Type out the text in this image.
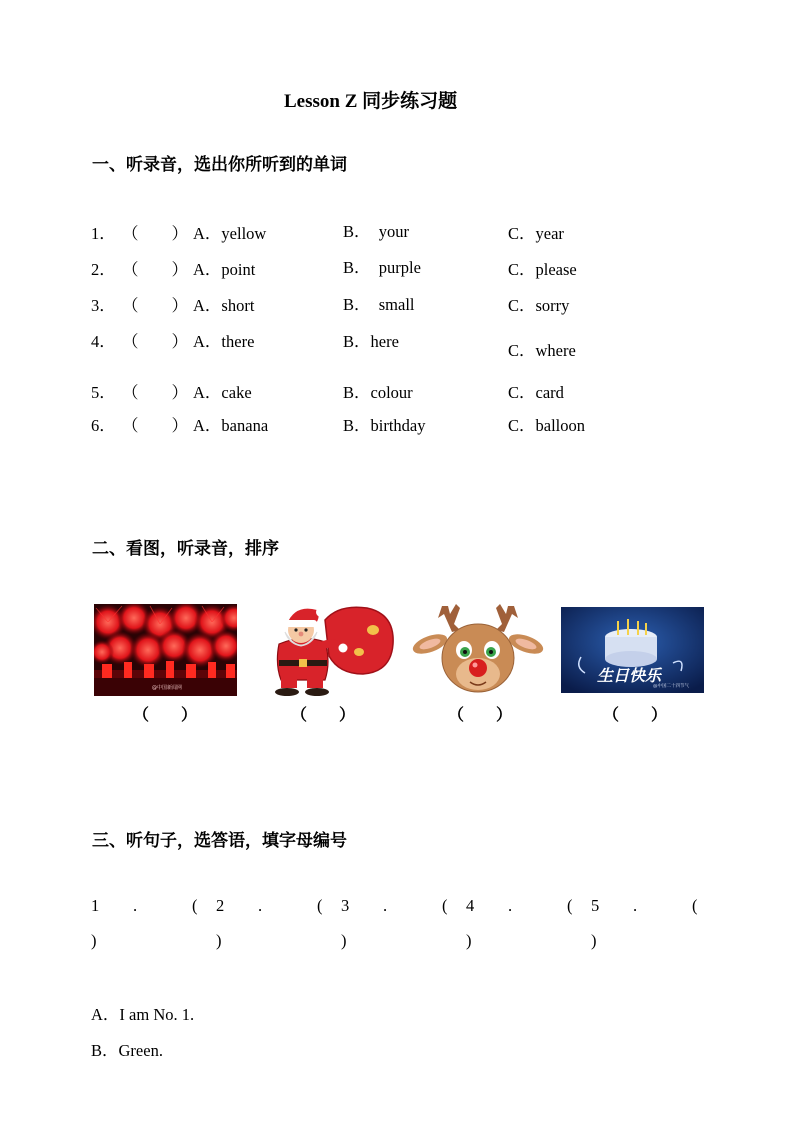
Lesson Z 同步练习题
一、听录音，选出你所听到的单词
1． （　　） A．yellow	B．  your	C．year
2． （　　） A．point	B．  purple	C．please
3． （　　） A．short	B．  small	C．sorry
4． （　　） A．there	B．here	C．where
5． （　　） A．cake	B．colour	C．card
6． （　　） A．banana	B．birthday	C．balloon
二、看图，听录音，排序
@中国新闻网
（　　）	（　　）	（　　）
生日快乐
@中国二十四节气
（　　）
三、听句子，选答语，填字母编号
1 .	( 2 .	( 3 .	( 4 .	( 5 .	(
)	)	)	)	)
A．I am No. 1.
B．Green.
